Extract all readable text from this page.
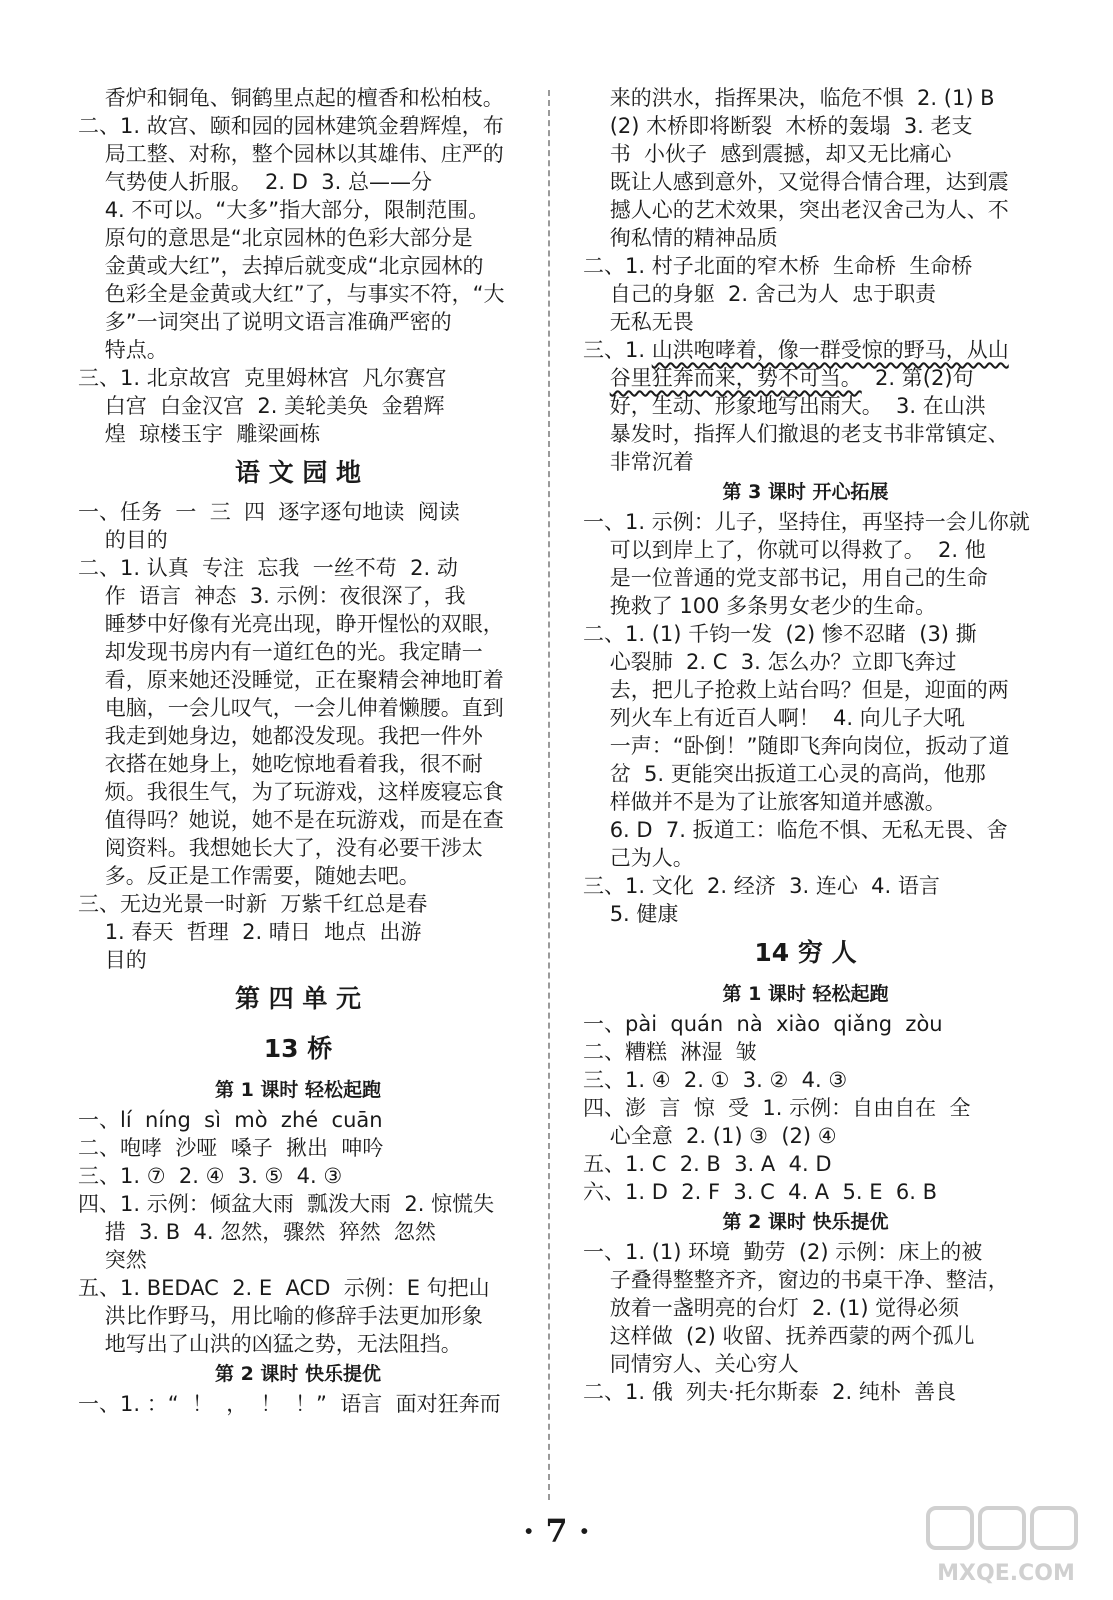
香炉和铜龟、铜鹤里点起的檀香和松柏枝。
二、1. 故宫、颐和园的园林建筑金碧辉煌，布
局工整、对称，整个园林以其雄伟、庄严的
气势使人折服。  2. D  3. 总——分
4. 不可以。“大多”指大部分，限制范围。
原句的意思是“北京园林的色彩大部分是
金黄或大红”，去掉后就变成“北京园林的
色彩全是金黄或大红”了，与事实不符，“大
多”一词突出了说明文语言准确严密的
特点。
三、1. 北京故宫  克里姆林宫  凡尔赛宫
白宫  白金汉宫  2. 美轮美奂  金碧辉
煌  琼楼玉宇  雕梁画栋
语 文 园 地
一、任务  一  三  四  逐字逐句地读  阅读
的目的
二、1. 认真  专注  忘我  一丝不苟  2. 动
作  语言  神态  3. 示例：夜很深了，我
睡梦中好像有光亮出现，睁开惺忪的双眼，
却发现书房内有一道红色的光。我定睛一
看，原来她还没睡觉，正在聚精会神地盯着
电脑，一会儿叹气，一会儿伸着懒腰。直到
我走到她身边，她都没发现。我把一件外
衣搭在她身上，她吃惊地看着我，很不耐
烦。我很生气，为了玩游戏，这样废寝忘食
值得吗？她说，她不是在玩游戏，而是在查
阅资料。我想她长大了，没有必要干涉太
多。反正是工作需要，随她去吧。
三、无边光景一时新  万紫千红总是春
1. 春天  哲理  2. 晴日  地点  出游
目的
第 四 单 元
13 桥
第 1 课时 轻松起跑
一、lí  níng  sì  mò  zhé  cuān
二、咆哮  沙哑  嗓子  揪出  呻吟
三、1. ⑦  2. ④  3. ⑤  4. ③
四、1. 示例：倾盆大雨  瓢泼大雨  2. 惊慌失
措  3. B  4. 忽然，骤然  猝然  忽然
突然
五、1. BEDAC  2. E  ACD  示例：E 句把山
洪比作野马，用比喻的修辞手法更加形象
地写出了山洪的凶猛之势，无法阻挡。
第 2 课时 快乐提优
一、1. ：“  ！  ，  ！  ！”  语言  面对狂奔而
来的洪水，指挥果决，临危不惧  2. (1) B
(2) 木桥即将断裂  木桥的轰塌  3. 老支
书  小伙子  感到震撼，却又无比痛心
既让人感到意外，又觉得合情合理，达到震
撼人心的艺术效果，突出老汉舍己为人、不
徇私情的精神品质
二、1. 村子北面的窄木桥  生命桥  生命桥
自己的身躯  2. 舍己为人  忠于职责
无私无畏
三、1. 山洪咆哮着，像一群受惊的野马，从山
谷里狂奔而来，势不可当。  2. 第(2)句
好，生动、形象地写出雨大。  3. 在山洪
暴发时，指挥人们撤退的老支书非常镇定、
非常沉着
第 3 课时 开心拓展
一、1. 示例：儿子，坚持住，再坚持一会儿你就
可以到岸上了，你就可以得救了。  2. 他
是一位普通的党支部书记，用自己的生命
挽救了 100 多条男女老少的生命。
二、1. (1) 千钧一发  (2) 惨不忍睹  (3) 撕
心裂肺  2. C  3. 怎么办？立即飞奔过
去，把儿子抢救上站台吗？但是，迎面的两
列火车上有近百人啊！  4. 向儿子大吼
一声：“卧倒！”随即飞奔向岗位，扳动了道
岔  5. 更能突出扳道工心灵的高尚，他那
样做并不是为了让旅客知道并感激。
6. D  7. 扳道工：临危不惧、无私无畏、舍
己为人。
三、1. 文化  2. 经济  3. 连心  4. 语言
5. 健康
14 穷 人
第 1 课时 轻松起跑
一、pài  quán  nà  xiào  qiǎng  zòu
二、糟糕  淋湿  皱
三、1. ④  2. ①  3. ②  4. ③
四、澎  言  惊  受  1. 示例：自由自在  全
心全意  2. (1) ③  (2) ④
五、1. C  2. B  3. A  4. D
六、1. D  2. F  3. C  4. A  5. E  6. B
第 2 课时 快乐提优
一、1. (1) 环境  勤劳  (2) 示例：床上的被
子叠得整整齐齐，窗边的书桌干净、整洁，
放着一盏明亮的台灯  2. (1) 觉得必须
这样做  (2) 收留、抚养西蒙的两个孤儿
同情穷人、关心穷人
二、1. 俄  列夫·托尔斯泰  2. 纯朴  善良
· 7 ·
MXQE.COM
